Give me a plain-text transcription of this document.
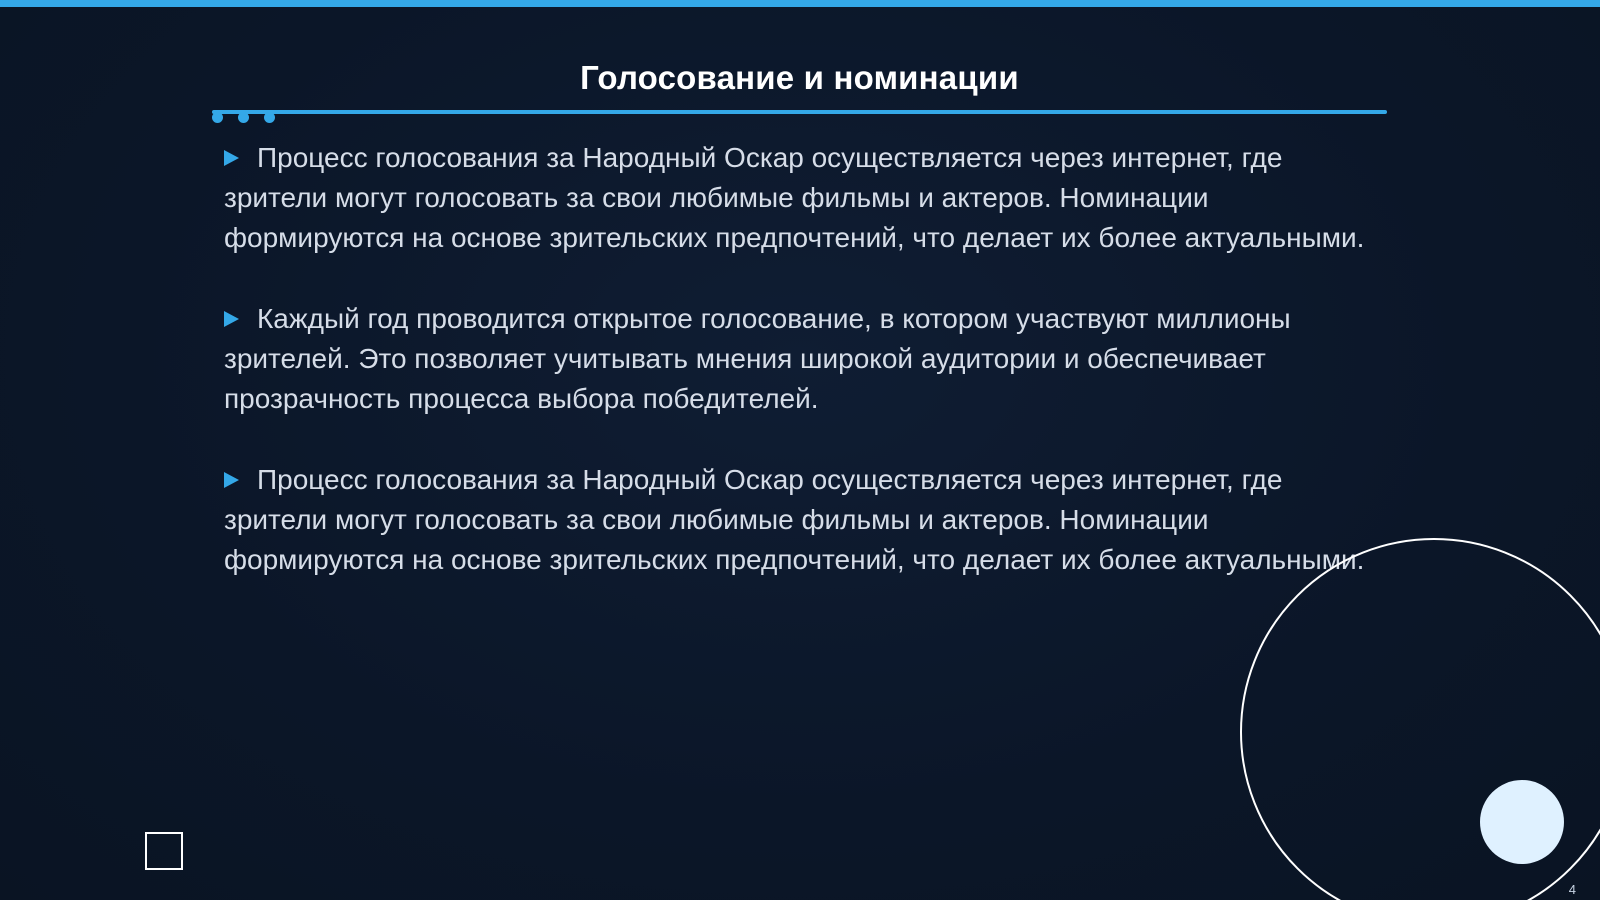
Голосование и номинации

Процесс голосования за Народный Оскар осуществляется через интернет, где зрители могут голосовать за свои любимые фильмы и актеров. Номинации формируются на основе зрительских предпочтений, что делает их более актуальными.

Каждый год проводится открытое голосование, в котором участвуют миллионы зрителей. Это позволяет учитывать мнения широкой аудитории и обеспечивает прозрачность процесса выбора победителей.

Процесс голосования за Народный Оскар осуществляется через интернет, где зрители могут голосовать за свои любимые фильмы и актеров. Номинации формируются на основе зрительских предпочтений, что делает их более актуальными.

4
